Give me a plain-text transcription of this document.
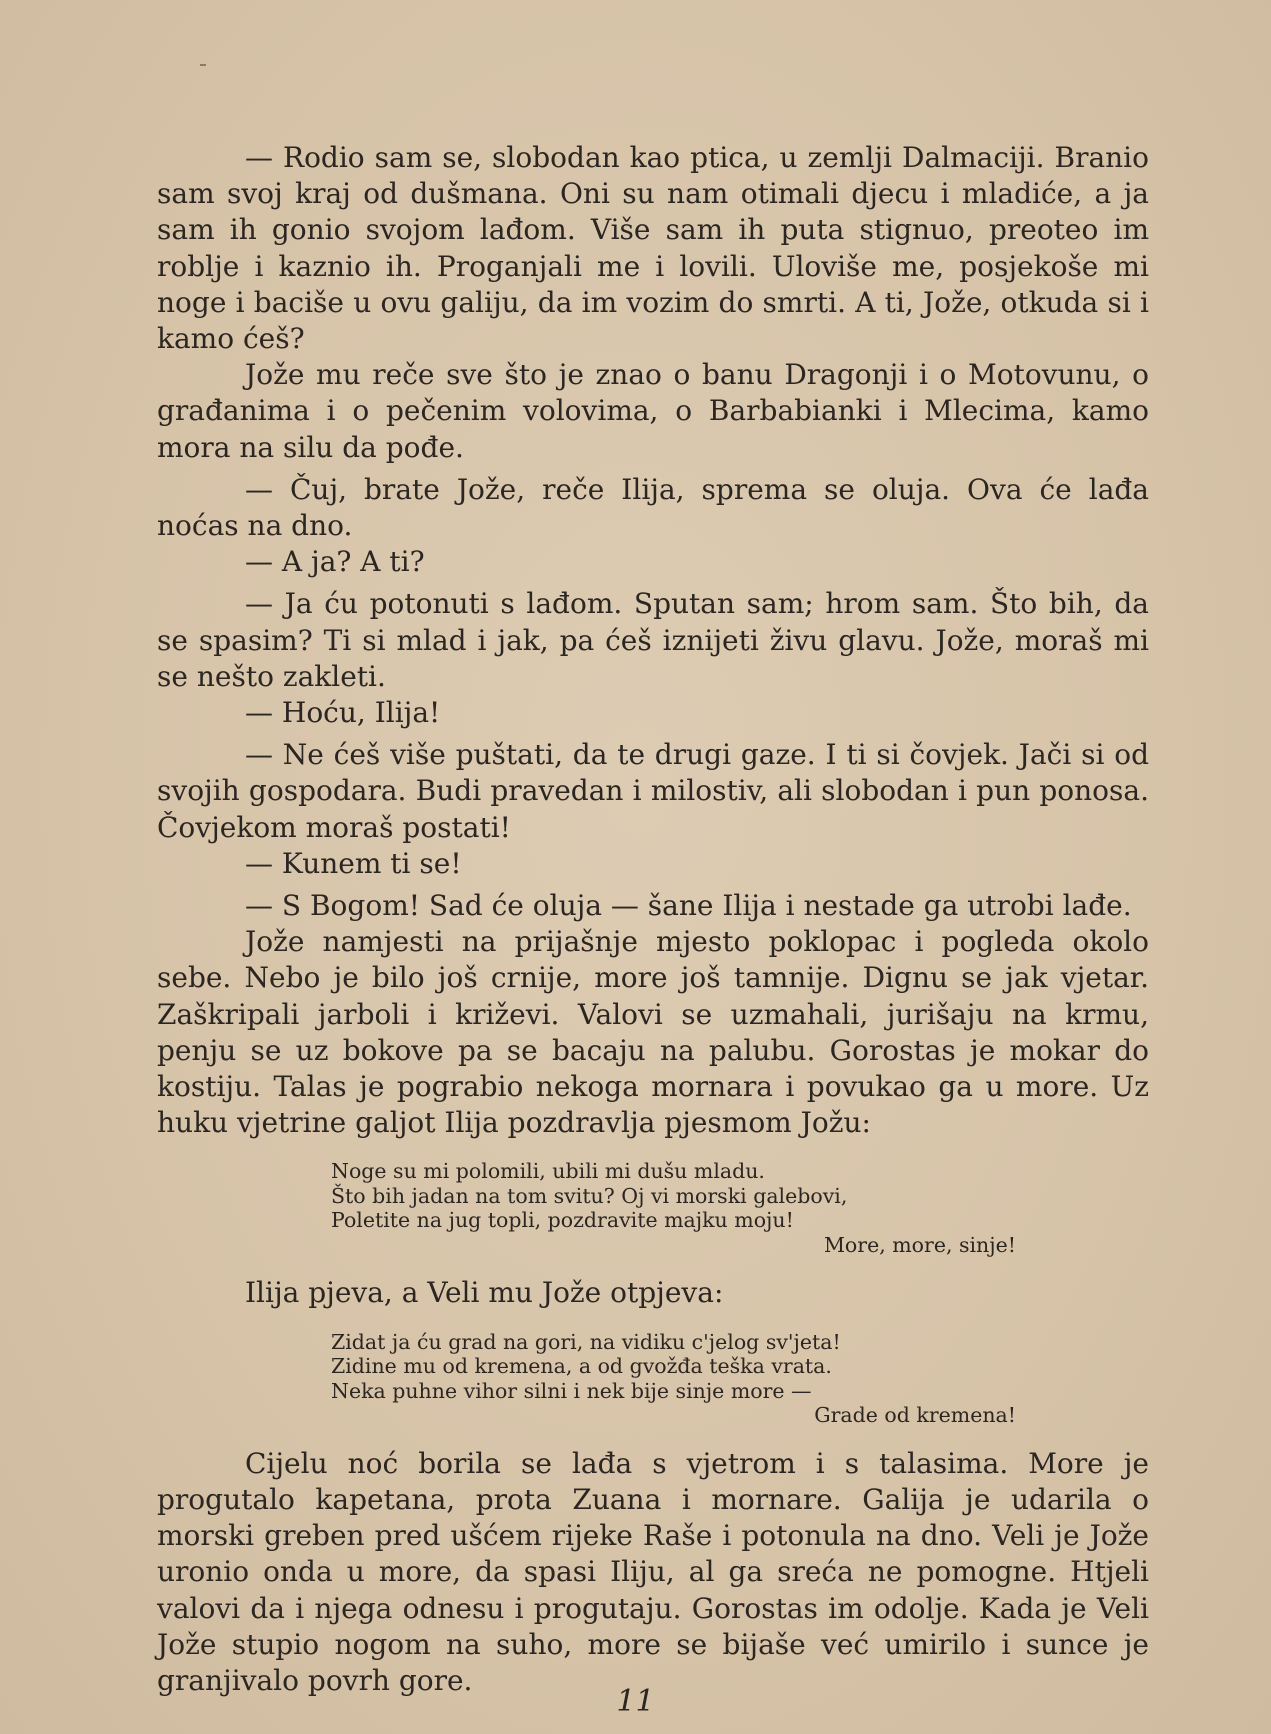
— Rodio sam se, slobodan kao ptica, u zemlji Dalmaciji. Branio sam svoj kraj od dušmana. Oni su nam otimali djecu i mladiće, a ja sam ih gonio svojom lađom. Više sam ih puta stignuo, preoteo im roblje i kaznio ih. Proganjali me i lovili. Uloviše me, posjekoše mi noge i baciše u ovu galiju, da im vozim do smrti. A ti, Jože, otkuda si i kamo ćeš?

Jože mu reče sve što je znao o banu Dragonji i o Motovunu, o građanima i o pečenim volovima, o Barbabianki i Mlecima, kamo mora na silu da pođe.

— Čuj, brate Jože, reče Ilija, sprema se oluja. Ova će lađa noćas na dno.

— A ja? A ti?

— Ja ću potonuti s lađom. Sputan sam; hrom sam. Što bih, da se spasim? Ti si mlad i jak, pa ćeš iznijeti živu glavu. Jože, moraš mi se nešto zakleti.

— Hoću, Ilija!

— Ne ćeš više puštati, da te drugi gaze. I ti si čovjek. Jači si od svojih gospodara. Budi pravedan i milostiv, ali slobodan i pun ponosa. Čovjekom moraš postati!

— Kunem ti se!

— S Bogom! Sad će oluja — šane Ilija i nestade ga utrobi lađe.

Jože namjesti na prijašnje mjesto poklopac i pogleda okolo sebe. Nebo je bilo još crnije, more još tamnije. Dignu se jak vjetar. Zaškripali jarboli i križevi. Valovi se uzmahali, jurišaju na krmu, penju se uz bokove pa se bacaju na palubu. Gorostas je mokar do kostiju. Talas je pograbio nekoga mornara i povukao ga u more. Uz huku vjetrine galjot Ilija pozdravlja pjesmom Jožu:

Noge su mi polomili, ubili mi dušu mladu.
Što bih jadan na tom svitu? Oj vi morski galebovi,
Poletite na jug topli, pozdravite majku moju!
More, more, sinje!

Ilija pjeva, a Veli mu Jože otpjeva:

Zidat ja ću grad na gori, na vidiku c'jelog sv'jeta!
Zidine mu od kremena, a od gvožđa teška vrata.
Neka puhne vihor silni i nek bije sinje more —
Grade od kremena!

Cijelu noć borila se lađa s vjetrom i s talasima. More je progutalo kapetana, prota Zuana i mornare. Galija je udarila o morski greben pred ušćem rijeke Raše i potonula na dno. Veli je Jože uronio onda u more, da spasi Iliju, al ga sreća ne pomogne. Htjeli valovi da i njega odnesu i progutaju. Gorostas im odolje. Kada je Veli Jože stupio nogom na suho, more se bijaše već umirilo i sunce je granjivalo povrh gore.

11
